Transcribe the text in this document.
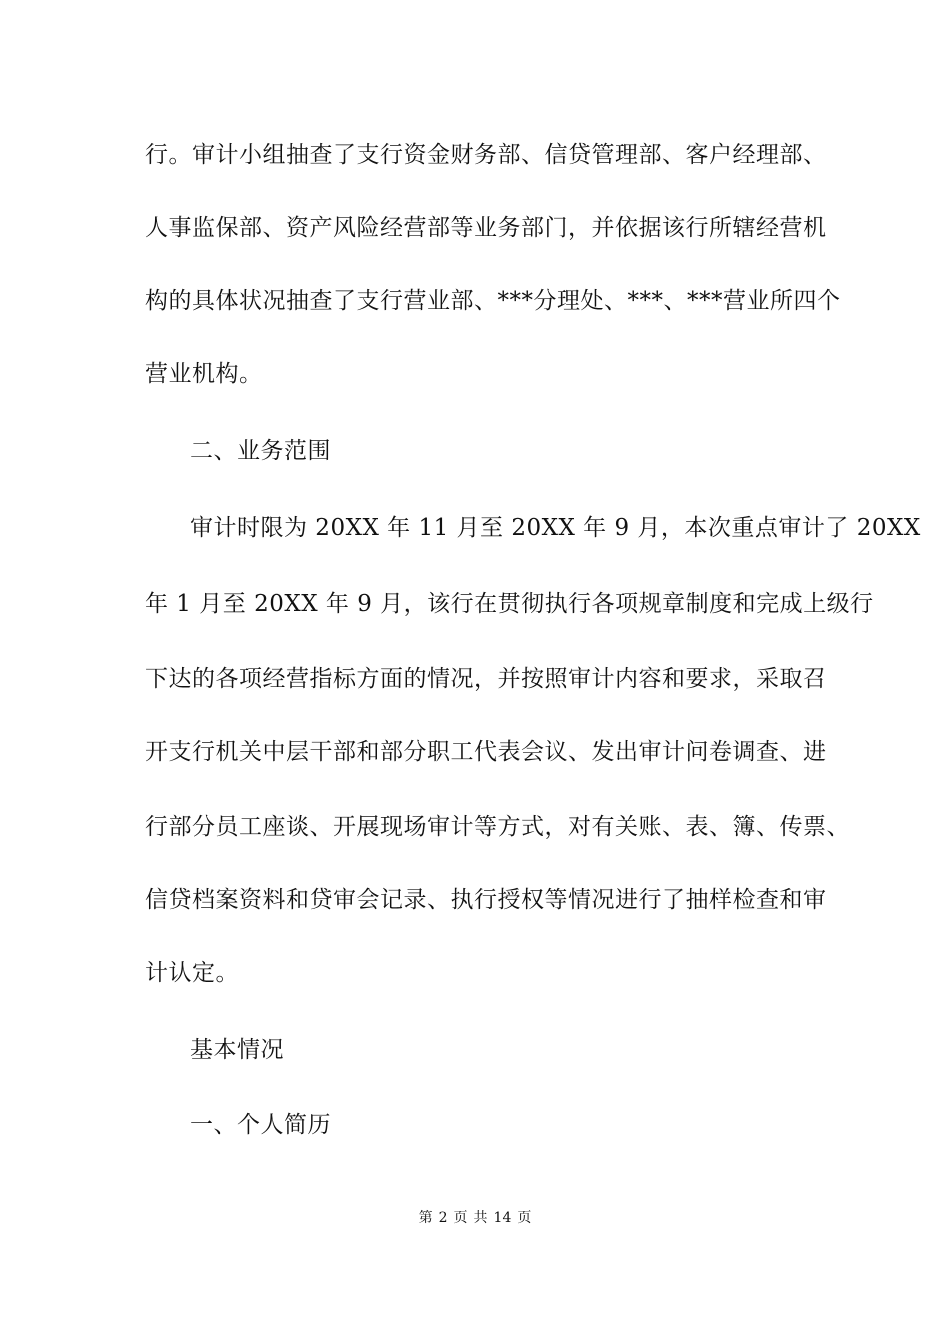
行。审计小组抽查了支行资金财务部、信贷管理部、客户经理部、
人事监保部、资产风险经营部等业务部门，并依据该行所辖经营机
构的具体状况抽查了支行营业部、***分理处、***、***营业所四个
营业机构。
二、业务范围
审计时限为 20XX 年 11 月至 20XX 年 9 月，本次重点审计了 20XX
年 1 月至 20XX 年 9 月，该行在贯彻执行各项规章制度和完成上级行
下达的各项经营指标方面的情况，并按照审计内容和要求，采取召
开支行机关中层干部和部分职工代表会议、发出审计问卷调查、进
行部分员工座谈、开展现场审计等方式，对有关账、表、簿、传票、
信贷档案资料和贷审会记录、执行授权等情况进行了抽样检查和审
计认定。
基本情况
一、个人简历
第 2 页 共 14 页
